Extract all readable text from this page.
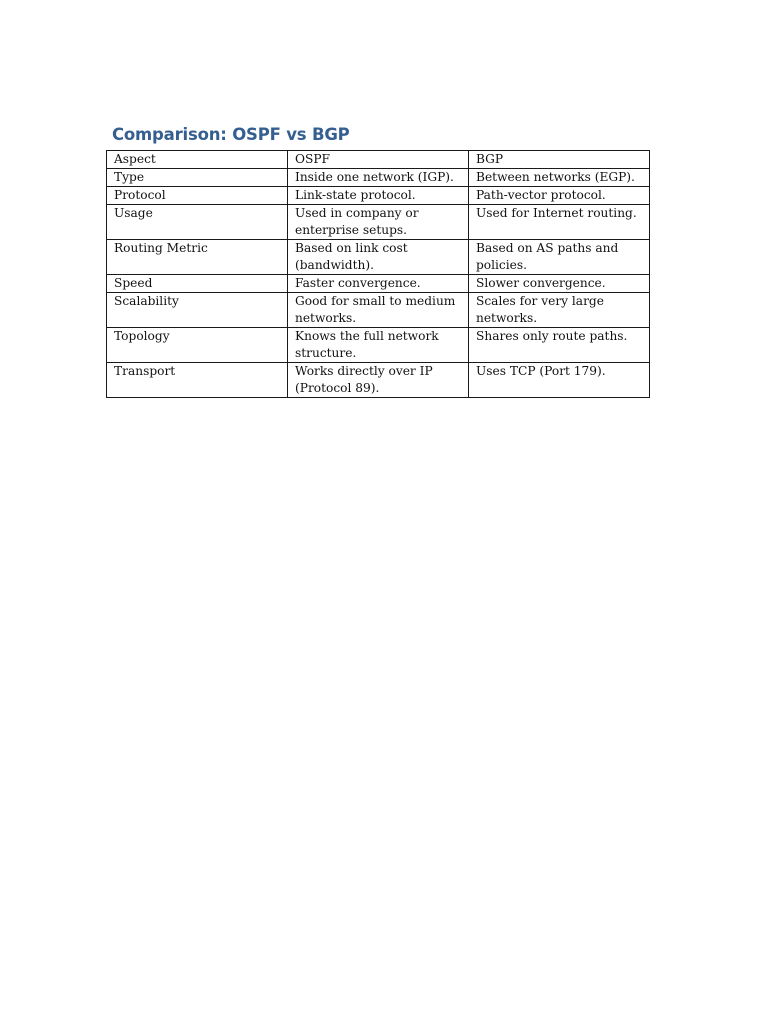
Comparison: OSPF vs BGP
Aspect	OSPF	BGP
Type	Inside one network (IGP).	Between networks (EGP).
Protocol	Link-state protocol.	Path-vector protocol.
Usage	Used in company or enterprise setups.	Used for Internet routing.
Routing Metric	Based on link cost (bandwidth).	Based on AS paths and policies.
Speed	Faster convergence.	Slower convergence.
Scalability	Good for small to medium networks.	Scales for very large networks.
Topology	Knows the full network structure.	Shares only route paths.
Transport	Works directly over IP (Protocol 89).	Uses TCP (Port 179).
